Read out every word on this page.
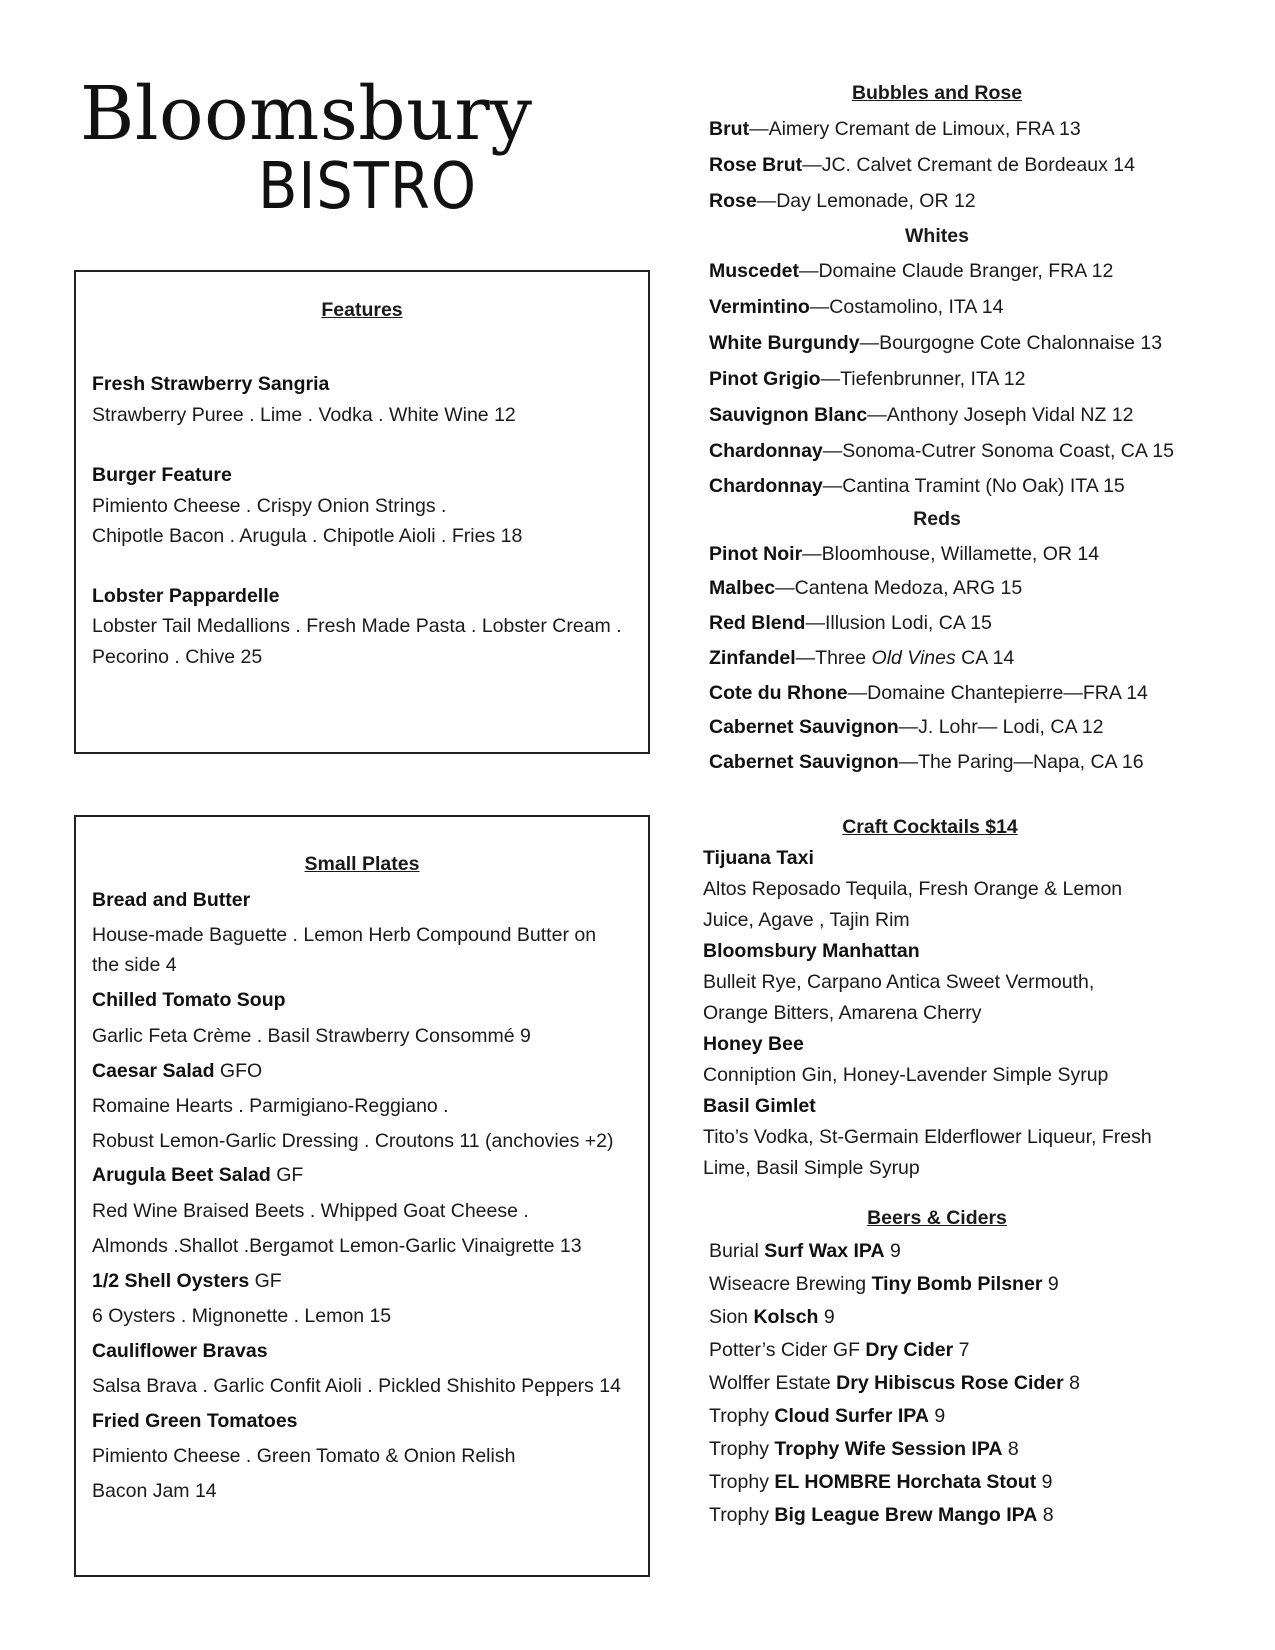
Bloomsbury
BISTRO
Features
Fresh Strawberry Sangria
Strawberry Puree . Lime . Vodka . White Wine 12
Burger Feature
Pimiento Cheese . Crispy Onion Strings .
Chipotle Bacon . Arugula . Chipotle Aioli . Fries 18
Lobster Pappardelle
Lobster Tail Medallions . Fresh Made Pasta . Lobster Cream .
Pecorino . Chive 25
Small Plates
Bread and Butter
House-made Baguette . Lemon Herb Compound Butter on
the side 4
Chilled Tomato Soup
Garlic Feta Crème . Basil Strawberry Consommé 9
Caesar Salad GFO
Romaine Hearts . Parmigiano-Reggiano .
Robust Lemon-Garlic Dressing . Croutons 11 (anchovies +2)
Arugula Beet Salad GF
Red Wine Braised Beets . Whipped Goat Cheese .
Almonds .Shallot .Bergamot Lemon-Garlic Vinaigrette 13
1/2 Shell Oysters GF
6 Oysters . Mignonette . Lemon 15
Cauliflower Bravas
Salsa Brava . Garlic Confit Aioli . Pickled Shishito Peppers 14
Fried Green Tomatoes
Pimiento Cheese . Green Tomato & Onion Relish
Bacon Jam 14
Bubbles and Rose
Brut—Aimery Cremant de Limoux, FRA 13
Rose Brut—JC. Calvet Cremant de Bordeaux 14
Rose—Day Lemonade, OR 12
Whites
Muscedet—Domaine Claude Branger, FRA 12
Vermintino—Costamolino, ITA 14
White Burgundy—Bourgogne Cote Chalonnaise 13
Pinot Grigio—Tiefenbrunner, ITA 12
Sauvignon Blanc—Anthony Joseph Vidal NZ 12
Chardonnay—Sonoma-Cutrer Sonoma Coast, CA 15
Chardonnay—Cantina Tramint (No Oak) ITA 15
Reds
Pinot Noir—Bloomhouse, Willamette, OR 14
Malbec—Cantena Medoza, ARG 15
Red Blend—Illusion Lodi, CA 15
Zinfandel—Three Old Vines CA 14
Cote du Rhone—Domaine Chantepierre—FRA 14
Cabernet Sauvignon—J. Lohr— Lodi, CA 12
Cabernet Sauvignon—The Paring—Napa, CA 16
Craft Cocktails $14
Tijuana Taxi
Altos Reposado Tequila, Fresh Orange & Lemon
Juice, Agave , Tajin Rim
Bloomsbury Manhattan
Bulleit Rye, Carpano Antica Sweet Vermouth,
Orange Bitters, Amarena Cherry
Honey Bee
Conniption Gin, Honey-Lavender Simple Syrup
Basil Gimlet
Tito’s Vodka, St-Germain Elderflower Liqueur, Fresh
Lime, Basil Simple Syrup
Beers & Ciders
Burial Surf Wax IPA 9
Wiseacre Brewing Tiny Bomb Pilsner 9
Sion Kolsch 9
Potter’s Cider GF Dry Cider 7
Wolffer Estate Dry Hibiscus Rose Cider 8
Trophy Cloud Surfer IPA 9
Trophy Trophy Wife Session IPA 8
Trophy EL HOMBRE Horchata Stout 9
Trophy Big League Brew Mango IPA 8
